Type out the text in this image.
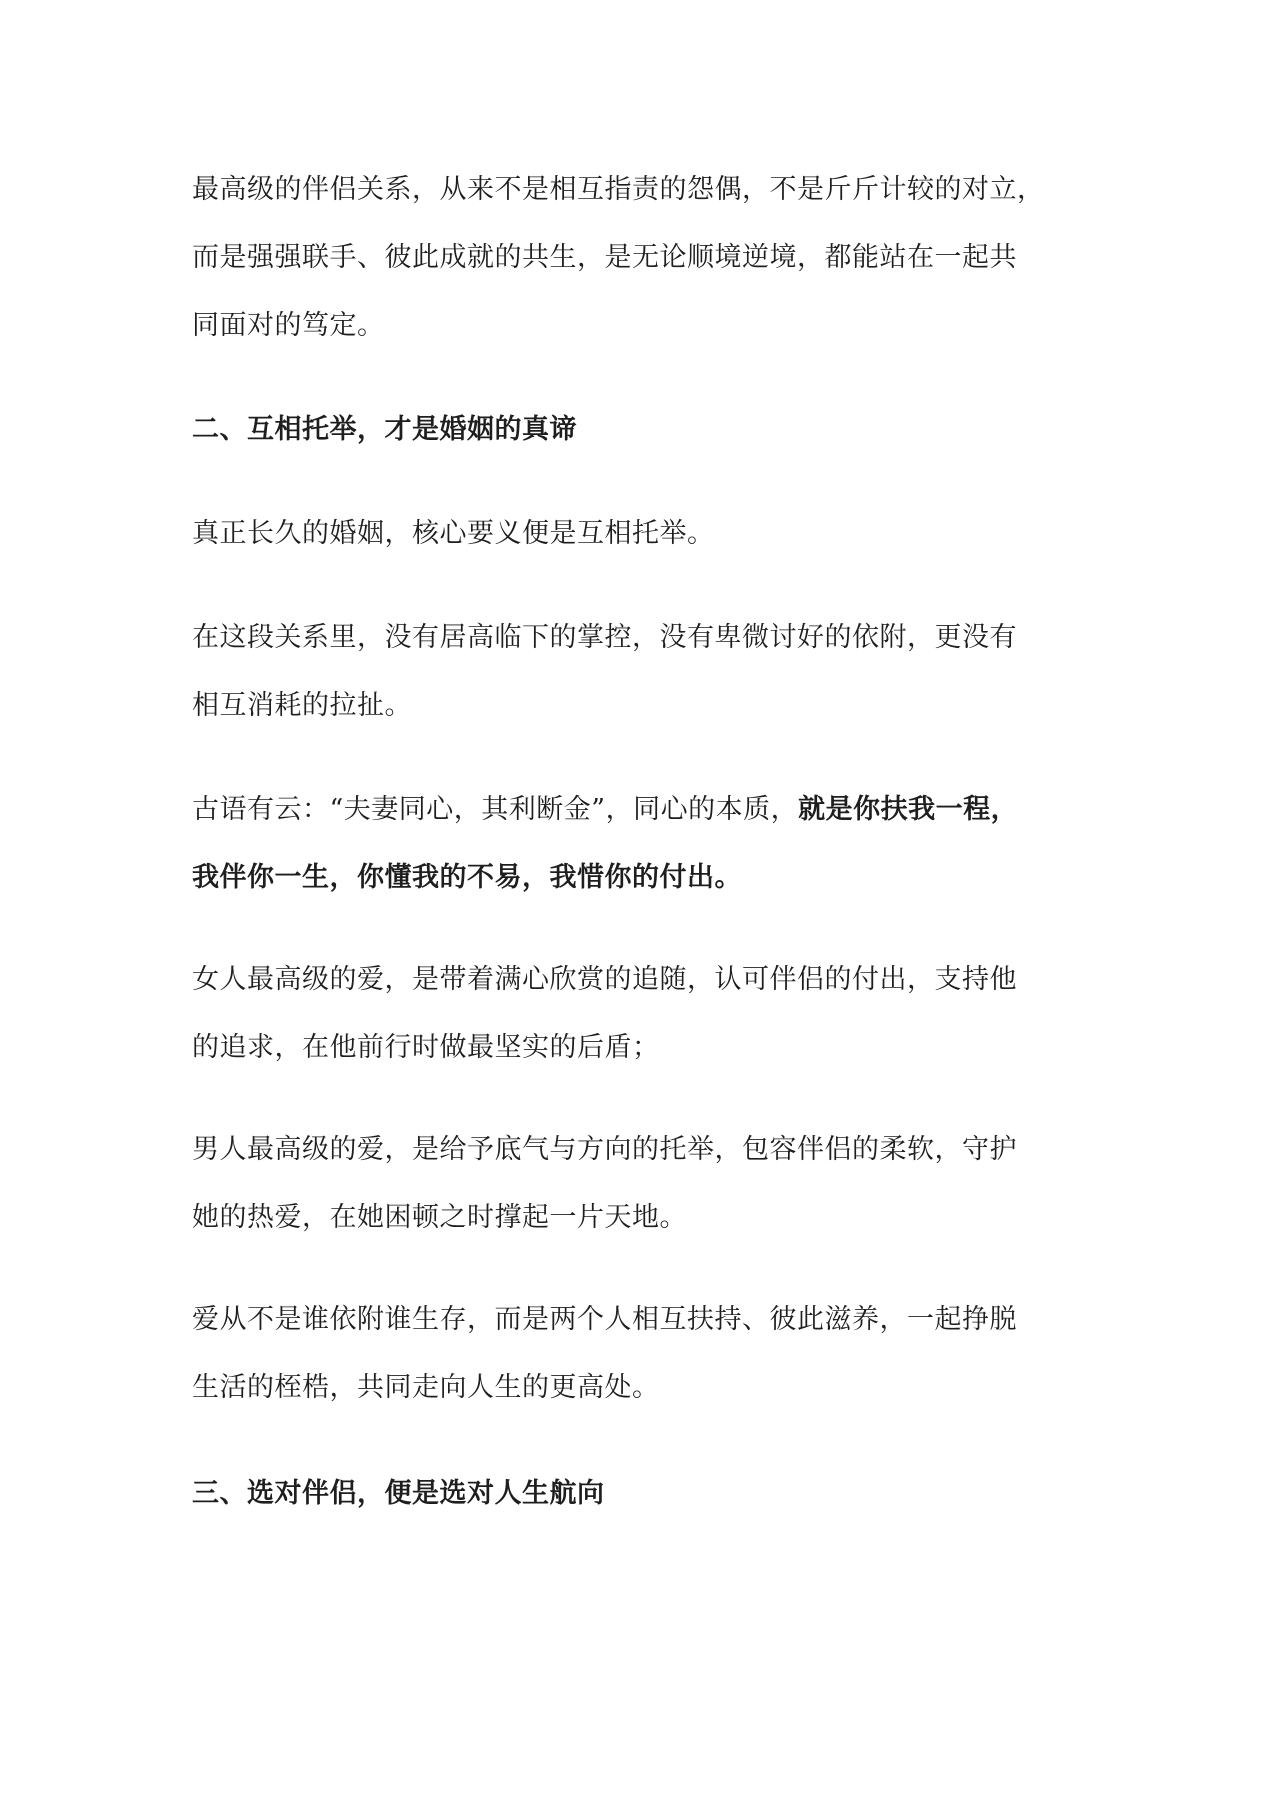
最高级的伴侣关系，从来不是相互指责的怨偶，不是斤斤计较的对立，
而是强强联手、彼此成就的共生，是无论顺境逆境，都能站在一起共
同面对的笃定。

二、互相托举，才是婚姻的真谛

真正长久的婚姻，核心要义便是互相托举。

在这段关系里，没有居高临下的掌控，没有卑微讨好的依附，更没有
相互消耗的拉扯。

古语有云：“夫妻同心，其利断金”，同心的本质，就是你扶我一程，
我伴你一生，你懂我的不易，我惜你的付出。

女人最高级的爱，是带着满心欣赏的追随，认可伴侣的付出，支持他
的追求，在他前行时做最坚实的后盾；

男人最高级的爱，是给予底气与方向的托举，包容伴侣的柔软，守护
她的热爱，在她困顿之时撑起一片天地。

爱从不是谁依附谁生存，而是两个人相互扶持、彼此滋养，一起挣脱
生活的桎梏，共同走向人生的更高处。

三、选对伴侣，便是选对人生航向
